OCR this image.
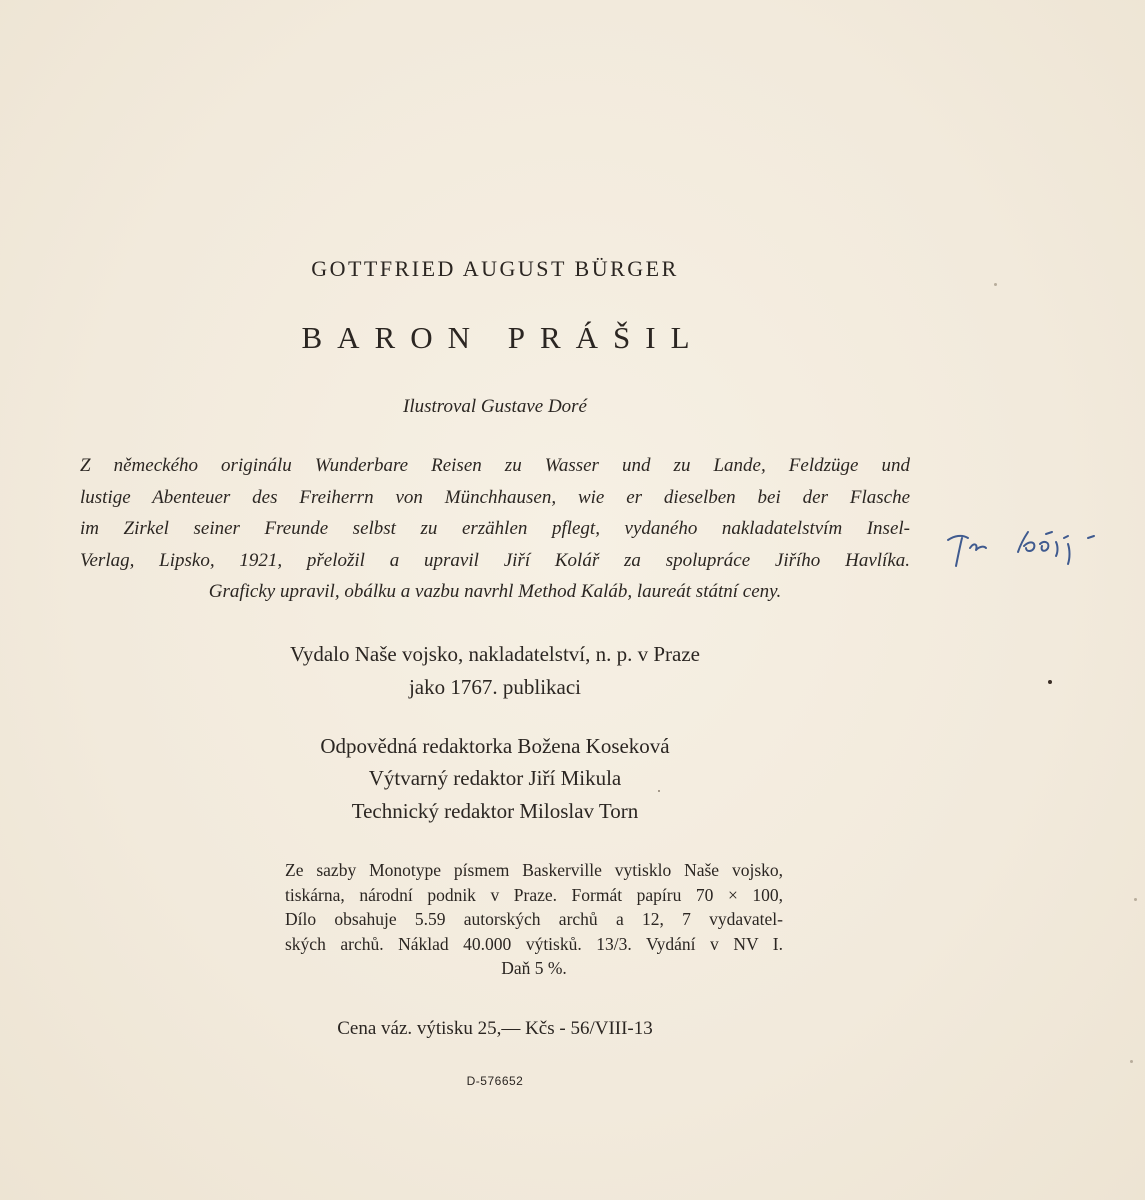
GOTTFRIED AUGUST BÜRGER
BARON PRÁŠIL
Ilustroval Gustave Doré
Z německého originálu Wunderbare Reisen zu Wasser und zu Lande, Feldzüge und
lustige Abenteuer des Freiherrn von Münchhausen, wie er dieselben bei der Flasche
im Zirkel seiner Freunde selbst zu erzählen pflegt, vydaného nakladatelstvím Insel-
Verlag, Lipsko, 1921, přeložil a upravil Jiří Kolář za spolupráce Jiřího Havlíka.
Graficky upravil, obálku a vazbu navrhl Method Kaláb, laureát státní ceny.
Vydalo Naše vojsko, nakladatelství, n. p. v Praze
jako 1767. publikaci
Odpovědná redaktorka Božena Koseková
Výtvarný redaktor Jiří Mikula
Technický redaktor Miloslav Torn
Ze sazby Monotype písmem Baskerville vytisklo Naše vojsko,
tiskárna, národní podnik v Praze. Formát papíru 70 × 100,
Dílo obsahuje 5.59 autorských archů a 12, 7 vydavatel-
ských archů. Náklad 40.000 výtisků. 13/3. Vydání v NV I.
Daň 5 %.
Cena váz. výtisku 25,— Kčs - 56/VIII-13
D-576652
